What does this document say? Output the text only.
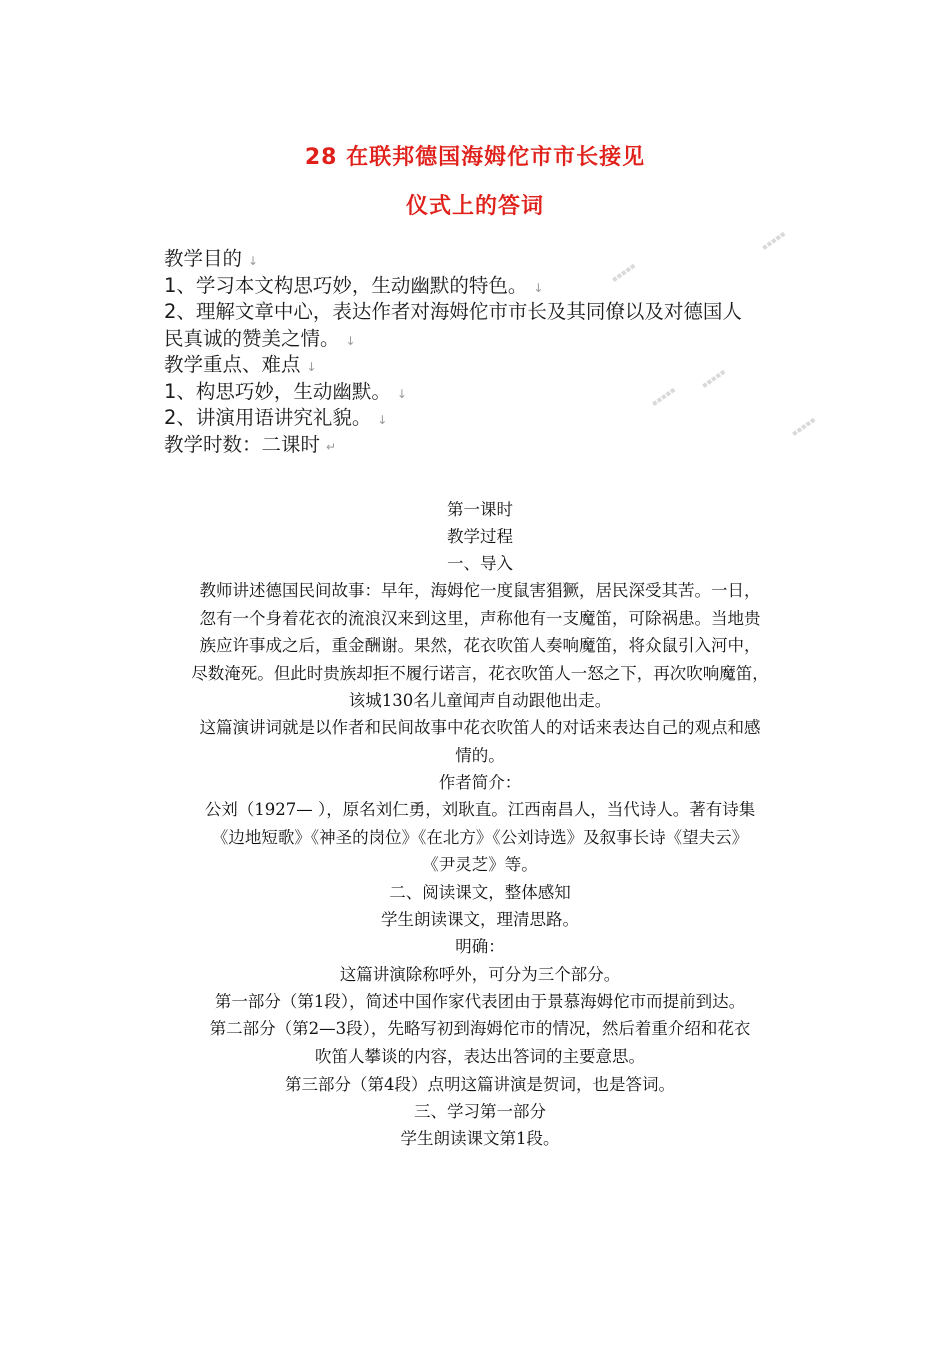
28 在联邦德国海姆佗市市长接见
仪式上的答词
教学目的 ↓
1、学习本文构思巧妙，生动幽默的特色。 ↓
2、理解文章中心，表达作者对海姆佗市市长及其同僚以及对德国人
民真诚的赞美之情。 ↓
教学重点、难点 ↓
1、构思巧妙，生动幽默。 ↓
2、讲演用语讲究礼貌。 ↓
教学时数：二课时 ↵
第一课时
教学过程
一、导入
教师讲述德国民间故事：早年，海姆佗一度鼠害猖獗，居民深受其苦。一日，
忽有一个身着花衣的流浪汉来到这里，声称他有一支魔笛，可除祸患。当地贵
族应许事成之后，重金酬谢。果然，花衣吹笛人奏响魔笛，将众鼠引入河中，
尽数淹死。但此时贵族却拒不履行诺言，花衣吹笛人一怒之下，再次吹响魔笛，
该城130名儿童闻声自动跟他出走。
这篇演讲词就是以作者和民间故事中花衣吹笛人的对话来表达自己的观点和感
情的。
作者简介：
公刘（1927— ），原名刘仁勇，刘耿直。江西南昌人，当代诗人。著有诗集
《边地短歌》《神圣的岗位》《在北方》《公刘诗选》及叙事长诗《望夫云》
《尹灵芝》等。
二、阅读课文，整体感知
学生朗读课文，理清思路。
明确：
这篇讲演除称呼外，可分为三个部分。
第一部分（第1段），简述中国作家代表团由于景慕海姆佗市而提前到达。
第二部分（第2—3段），先略写初到海姆佗市的情况，然后着重介绍和花衣
吹笛人攀谈的内容，表达出答词的主要意思。
第三部分（第4段）点明这篇讲演是贺词，也是答词。
三、学习第一部分
学生朗读课文第1段。
▪▪▪▪▪
▪▪▪▪▪
▪▪▪▪▪
▪▪▪▪▪
▪▪▪▪▪
